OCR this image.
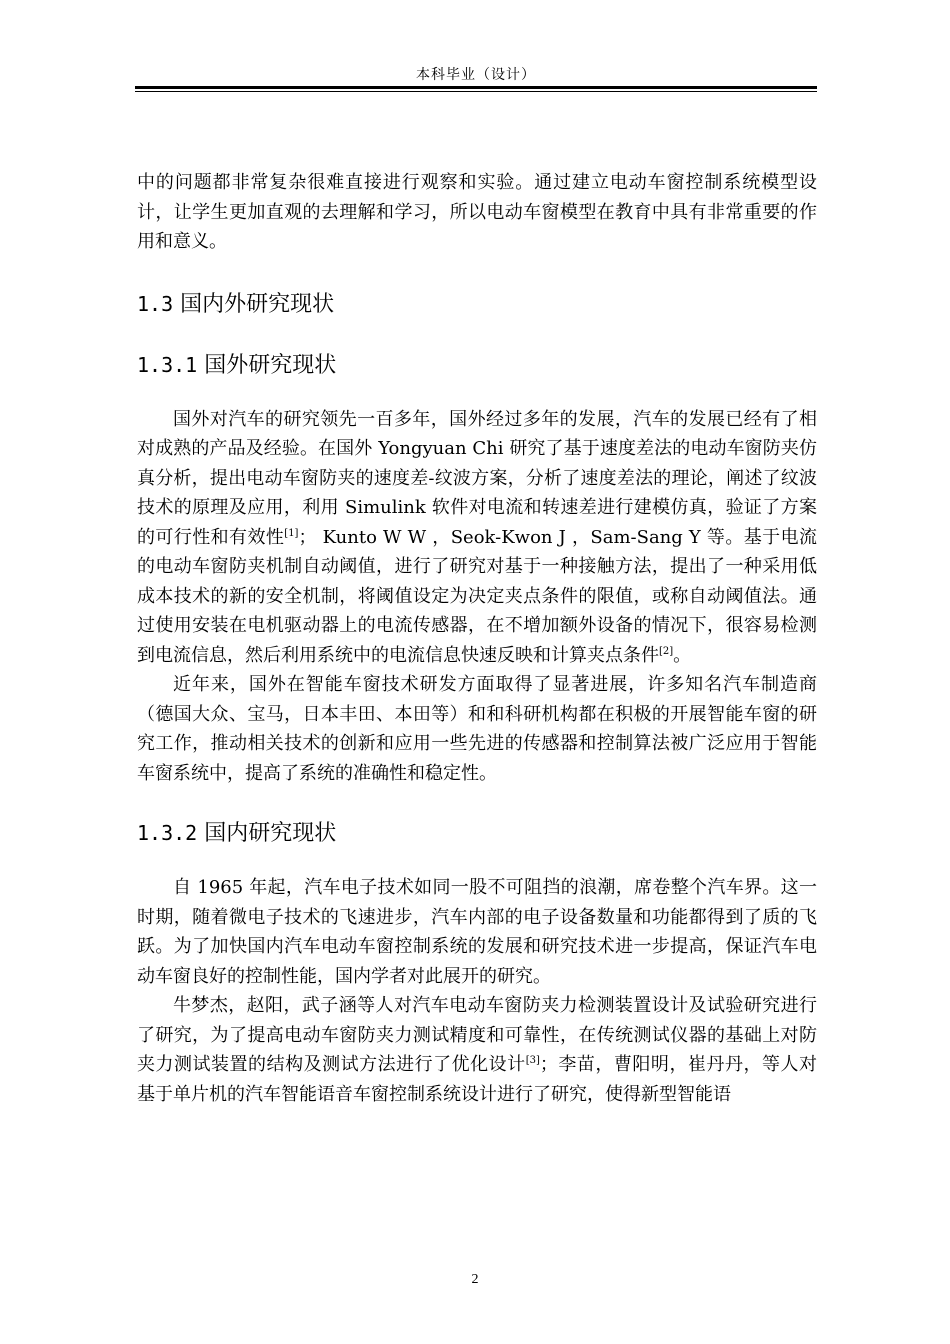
本科毕业（设计）

中的问题都非常复杂很难直接进行观察和实验。通过建立电动车窗控制系统模型设计，让学生更加直观的去理解和学习，所以电动车窗模型在教育中具有非常重要的作用和意义。

1.3 国内外研究现状
1.3.1 国外研究现状

国外对汽车的研究领先一百多年，国外经过多年的发展，汽车的发展已经有了相对成熟的产品及经验。在国外 Yongyuan Chi 研究了基于速度差法的电动车窗防夹仿真分析，提出电动车窗防夹的速度差-纹波方案，分析了速度差法的理论，阐述了纹波技术的原理及应用，利用 Simulink 软件对电流和转速差进行建模仿真，验证了方案的可行性和有效性[1]； Kunto W W ，Seok-Kwon J ，Sam-Sang Y 等。基于电流的电动车窗防夹机制自动阈值，进行了研究对基于一种接触方法，提出了一种采用低成本技术的新的安全机制，将阈值设定为决定夹点条件的限值，或称自动阈值法。通过使用安装在电机驱动器上的电流传感器，在不增加额外设备的情况下，很容易检测到电流信息，然后利用系统中的电流信息快速反映和计算夹点条件[2]。

近年来，国外在智能车窗技术研发方面取得了显著进展，许多知名汽车制造商（德国大众、宝马，日本丰田、本田等）和和科研机构都在积极的开展智能车窗的研究工作，推动相关技术的创新和应用一些先进的传感器和控制算法被广泛应用于智能车窗系统中，提高了系统的准确性和稳定性。

1.3.2 国内研究现状

自 1965 年起，汽车电子技术如同一股不可阻挡的浪潮，席卷整个汽车界。这一时期，随着微电子技术的飞速进步，汽车内部的电子设备数量和功能都得到了质的飞跃。为了加快国内汽车电动车窗控制系统的发展和研究技术进一步提高，保证汽车电动车窗良好的控制性能，国内学者对此展开的研究。

牛梦杰，赵阳，武子涵等人对汽车电动车窗防夹力检测装置设计及试验研究进行了研究，为了提高电动车窗防夹力测试精度和可靠性，在传统测试仪器的基础上对防夹力测试装置的结构及测试方法进行了优化设计[3]；李苗，曹阳明，崔丹丹，等人对基于单片机的汽车智能语音车窗控制系统设计进行了研究，使得新型智能语

2
